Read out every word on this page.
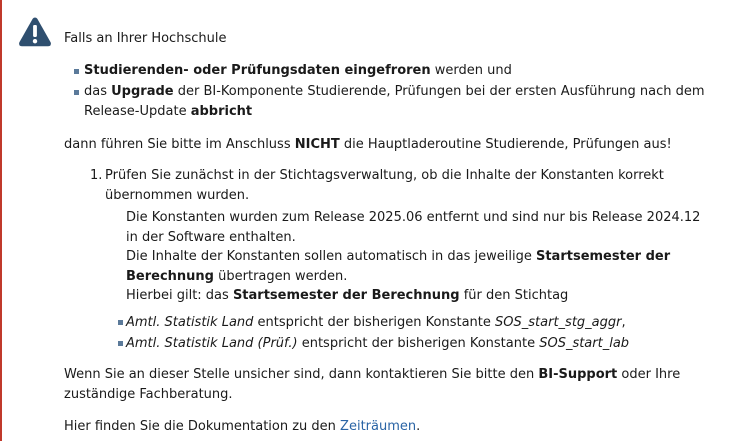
Falls an Ihrer Hochschule

Studierenden- oder Prüfungsdaten eingefroren werden und
das Upgrade der BI-Komponente Studierende, Prüfungen bei der ersten Ausführung nach dem Release-Update abbricht

dann führen Sie bitte im Anschluss NICHT die Hauptladeroutine Studierende, Prüfungen aus!

1. Prüfen Sie zunächst in der Stichtagsverwaltung, ob die Inhalte der Konstanten korrekt übernommen wurden.
Die Konstanten wurden zum Release 2025.06 entfernt und sind nur bis Release 2024.12 in der Software enthalten.
Die Inhalte der Konstanten sollen automatisch in das jeweilige Startsemester der Berechnung übertragen werden.
Hierbei gilt: das Startsemester der Berechnung für den Stichtag
Amtl. Statistik Land entspricht der bisherigen Konstante SOS_start_stg_aggr,
Amtl. Statistik Land (Prüf.) entspricht der bisherigen Konstante SOS_start_lab

Wenn Sie an dieser Stelle unsicher sind, dann kontaktieren Sie bitte den BI-Support oder Ihre zuständige Fachberatung.

Hier finden Sie die Dokumentation zu den Zeiträumen.
